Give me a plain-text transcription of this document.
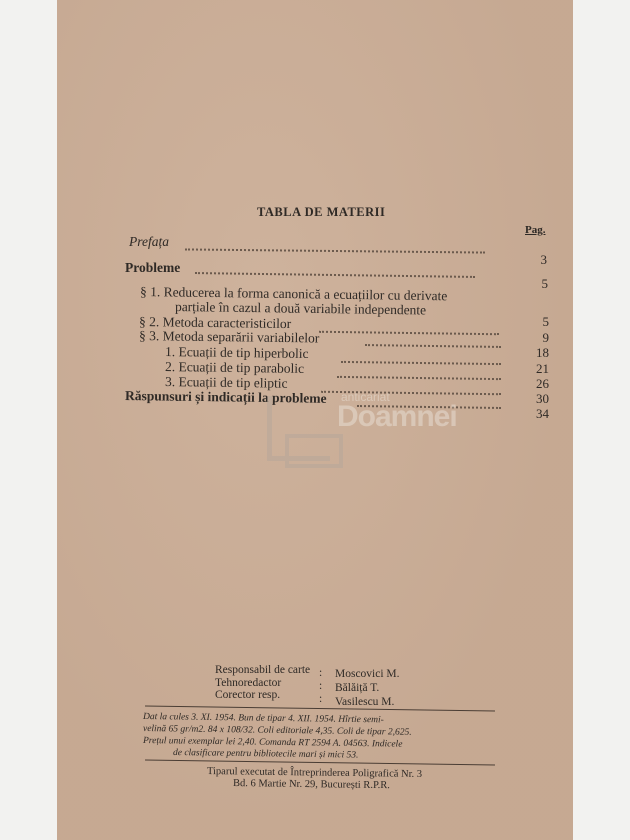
TABLA DE MATERII
Pag.
Prefața
Probleme
§ 1. Reducerea la forma canonică a ecuațiilor cu derivate
parțiale în cazul a două variabile independente
§ 2. Metoda caracteristicilor
§ 3. Metoda separării variabilelor
1. Ecuații de tip hiperbolic
2. Ecuații de tip parabolic
3. Ecuații de tip eliptic
Răspunsuri și indicații la probleme
3
5
5
9
18
21
26
30
34
anticariat
Doamnei
Responsabil de carte : Moscovici M.
Tehnoredactor	: Bălăiță T.
Corector resp.	: Vasilescu M.
Dat la cules 3. XI. 1954. Bun de tipar 4. XII. 1954. Hîrtie semi-
velină 65 gr/m2. 84 x 108/32. Coli editoriale 4,35. Coli de tipar 2,625.
Prețul unui exemplar lei 2,40. Comanda RT 2594 A. 04563. Indicele
de clasificare pentru bibliotecile mari și mici 53.
Tiparul executat de Întreprinderea Poligrafică Nr. 3
Bd. 6 Martie Nr. 29, București R.P.R.
